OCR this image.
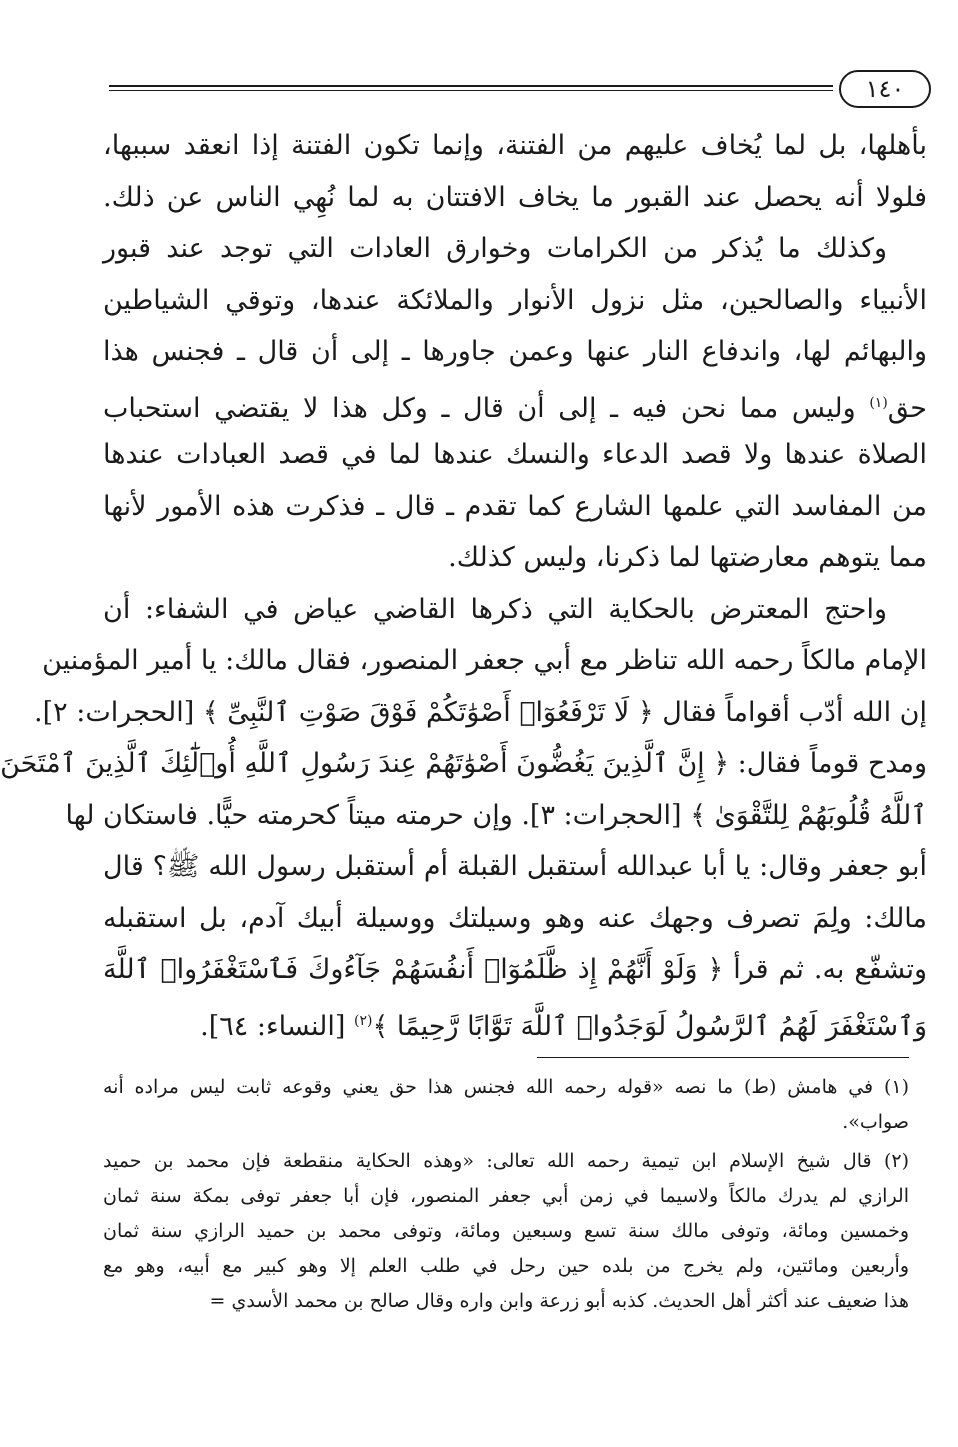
١٤٠
بأهلها، بل لما يُخاف عليهم من الفتنة، وإنما تكون الفتنة إذا انعقد سببها،
فلولا أنه يحصل عند القبور ما يخاف الافتتان به لما نُهِي الناس عن ذلك.
وكذلك ما يُذكر من الكرامات وخوارق العادات التي توجد عند قبور
الأنبياء والصالحين، مثل نزول الأنوار والملائكة عندها، وتوقي الشياطين
والبهائم لها، واندفاع النار عنها وعمن جاورها ـ إلى أن قال ـ فجنس هذا
حق$^{(١)}$ وليس مما نحن فيه ـ إلى أن قال ـ وكل هذا لا يقتضي استحباب
الصلاة عندها ولا قصد الدعاء والنسك عندها لما في قصد العبادات عندها
من المفاسد التي علمها الشارع كما تقدم ـ قال ـ فذكرت هذه الأمور لأنها
مما يتوهم معارضتها لما ذكرنا، وليس كذلك.
واحتج المعترض بالحكاية التي ذكرها القاضي عياض في الشفاء: أن
الإمام مالكاً رحمه الله تناظر مع أبي جعفر المنصور، فقال مالك: يا أمير المؤمنين
إن الله أدّب أقواماً فقال ﴿ لَا تَرْفَعُوٓا۟ أَصْوَٰتَكُمْ فَوْقَ صَوْتِ ٱلنَّبِىِّ ﴾ [الحجرات: ٢].
ومدح قوماً فقال: ﴿ إِنَّ ٱلَّذِينَ يَغُضُّونَ أَصْوَٰتَهُمْ عِندَ رَسُولِ ٱللَّهِ أُو۟لَٰٓئِكَ ٱلَّذِينَ ٱمْتَحَنَ
ٱللَّهُ قُلُوبَهُمْ لِلتَّقْوَىٰ ﴾ [الحجرات: ٣]. وإن حرمته ميتاً كحرمته حيًّا. فاستكان لها
أبو جعفر وقال: يا أبا عبدالله أستقبل القبلة أم أستقبل رسول الله ﷺ؟ قال
مالك: ولِمَ تصرف وجهك عنه وهو وسيلتك ووسيلة أبيك آدم، بل استقبله
وتشفّع به. ثم قرأ ﴿ وَلَوْ أَنَّهُمْ إِذ ظَّلَمُوٓا۟ أَنفُسَهُمْ جَآءُوكَ فَٱسْتَغْفَرُوا۟ ٱللَّهَ
وَٱسْتَغْفَرَ لَهُمُ ٱلرَّسُولُ لَوَجَدُوا۟ ٱللَّهَ تَوَّابًا رَّحِيمًا ﴾$^{(٢)}$ [النساء: ٦٤].
(١) في هامش (ط) ما نصه «قوله رحمه الله فجنس هذا حق يعني وقوعه ثابت ليس مراده أنه
صواب».
(٢) قال شيخ الإسلام ابن تيمية رحمه الله تعالى: «وهذه الحكاية منقطعة فإن محمد بن حميد
الرازي لم يدرك مالكاً ولاسيما في زمن أبي جعفر المنصور، فإن أبا جعفر توفى بمكة سنة ثمان
وخمسين ومائة، وتوفى مالك سنة تسع وسبعين ومائة، وتوفى محمد بن حميد الرازي سنة ثمان
وأربعين ومائتين، ولم يخرج من بلده حين رحل في طلب العلم إلا وهو كبير مع أبيه، وهو مع
هذا ضعيف عند أكثر أهل الحديث. كذبه أبو زرعة وابن واره وقال صالح بن محمد الأسدي =
